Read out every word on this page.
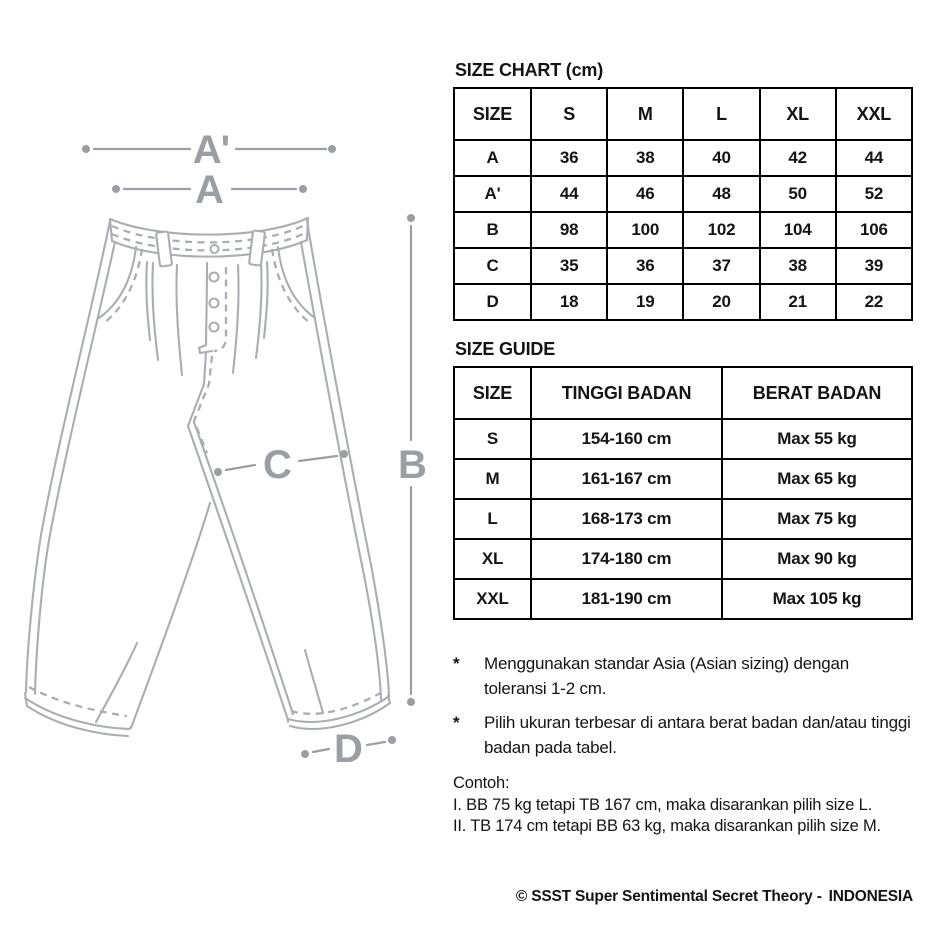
A'
A
B
C
D
SIZE CHART (cm)
SIZE	S	M	L	XL	XXL
A	36	38	40	42	44
A'	44	46	48	50	52
B	98	100	102	104	106
C	35	36	37	38	39
D	18	19	20	21	22
SIZE GUIDE
SIZE	TINGGI BADAN	BERAT BADAN
S	154-160 cm	Max 55 kg
M	161-167 cm	Max 65 kg
L	168-173 cm	Max 75 kg
XL	174-180 cm	Max 90 kg
XXL	181-190 cm	Max 105 kg
*	Menggunakan standar Asia (Asian sizing) dengan toleransi 1-2 cm.
*	Pilih ukuran terbesar di antara berat badan dan/atau tinggi badan pada tabel.
Contoh:
I. BB 75 kg tetapi TB 167 cm, maka disarankan pilih size L.
II. TB 174 cm tetapi BB 63 kg, maka disarankan pilih size M.
© SSST Super Sentimental Secret Theory - INDONESIA
